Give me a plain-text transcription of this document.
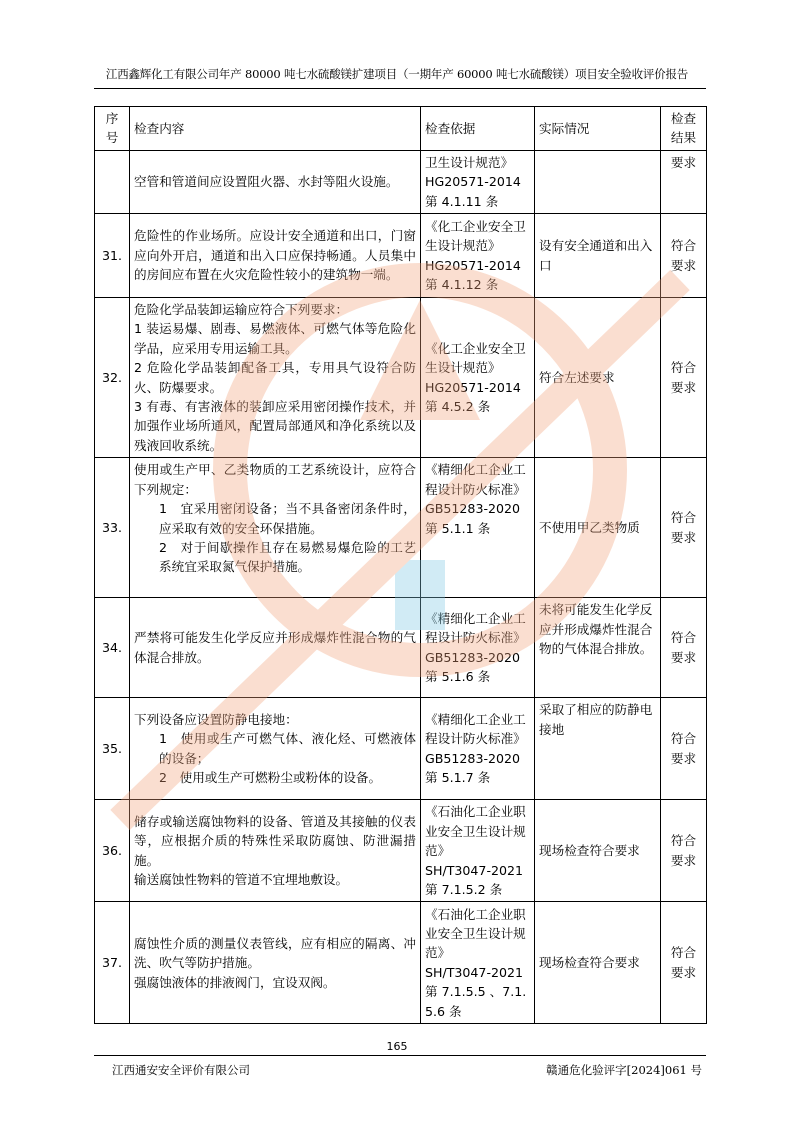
江西鑫辉化工有限公司年产 80000 吨七水硫酸镁扩建项目（一期年产 60000 吨七水硫酸镁）项目安全验收评价报告
序
号	检查内容	检查依据	实际情况	检查
结果

	空管和管道间应设置阻火器、水封等阻火设施。	卫生设计规范》
HG20571-2014
第 4.1.11 条		要求
31.	危险性的作业场所。应设计安全通道和出口，门窗应向外开启，通道和出入口应保持畅通。人员集中的房间应布置在火灾危险性较小的建筑物一端。	《化工企业安全卫生设计规范》
HG20571-2014
第 4.1.12 条	设有安全通道和出入口	符合要求
32.	危险化学品装卸运输应符合下列要求：
1 装运易爆、剧毒、易燃液体、可燃气体等危险化学品，应采用专用运输工具。
2 危险化学品装卸配备工具，专用具气设符合防火、防爆要求。
3 有毒、有害液体的装卸应采用密闭操作技术，并加强作业场所通风，配置局部通风和净化系统以及残液回收系统。	《化工企业安全卫生设计规范》
HG20571-2014
第 4.5.2 条	符合左述要求	符合要求
33.	使用或生产甲、乙类物质的工艺系统设计，应符合下列规定：
1　宜采用密闭设备；当不具备密闭条件时，应采取有效的安全环保措施。
2　对于间歇操作且存在易燃易爆危险的工艺系统宜采取氮气保护措施。	《精细化工企业工程设计防火标准》
GB51283-2020
第 5.1.1 条	不使用甲乙类物质	符合要求
34.	严禁将可能发生化学反应并形成爆炸性混合物的气体混合排放。	《精细化工企业工程设计防火标准》
GB51283-2020
第 5.1.6 条	未将可能发生化学反应并形成爆炸性混合物的气体混合排放。	符合要求
35.	下列设备应设置防静电接地：
1　使用或生产可燃气体、液化烃、可燃液体的设备；
2　使用或生产可燃粉尘或粉体的设备。	《精细化工企业工程设计防火标准》
GB51283-2020
第 5.1.7 条	采取了相应的防静电接地	符合要求
36.	储存或输送腐蚀物料的设备、管道及其接触的仪表等，应根据介质的特殊性采取防腐蚀、防泄漏措施。
输送腐蚀性物料的管道不宜埋地敷设。	《石油化工企业职业安全卫生设计规范》
SH/T3047-2021
第 7.1.5.2 条	现场检查符合要求	符合要求
37.	腐蚀性介质的测量仪表管线，应有相应的隔离、冲洗、吹气等防护措施。
强腐蚀液体的排液阀门，宜设双阀。	《石油化工企业职业安全卫生设计规范》
SH/T3047-2021
第 7.1.5.5 、7.1.5.6 条	现场检查符合要求	符合要求
165
江西通安安全评价有限公司	赣通危化验评字[2024]061 号
